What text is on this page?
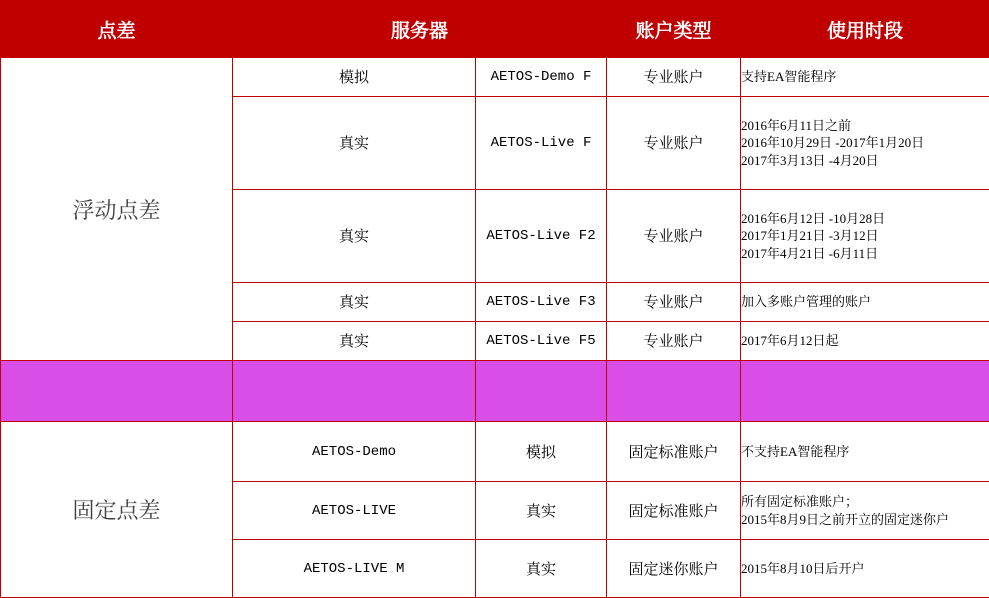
点差	服务器		账户类型	使用时段
浮动点差	模拟	AETOS-Demo F	专业账户	支持EA智能程序

	真实	AETOS-Live F	专业账户	2016年6月11日之前
2016年10月29日 -2017年1月20日
2017年3月13日 -4月20日

	真实	AETOS-Live F2	专业账户	2016年6月12日 -10月28日
2017年1月21日 -3月12日
2017年4月21日 -6月11日

	真实	AETOS-Live F3	专业账户	加入多账户管理的账户

	真实	AETOS-Live F5	专业账户	2017年6月12日起

固定点差	AETOS-Demo	模拟	固定标准账户	不支持EA智能程序

	AETOS-LIVE	真实	固定标准账户	所有固定标准账户；
2015年8月9日之前开立的固定迷你户

	AETOS-LIVE M	真实	固定迷你账户	2015年8月10日后开户
